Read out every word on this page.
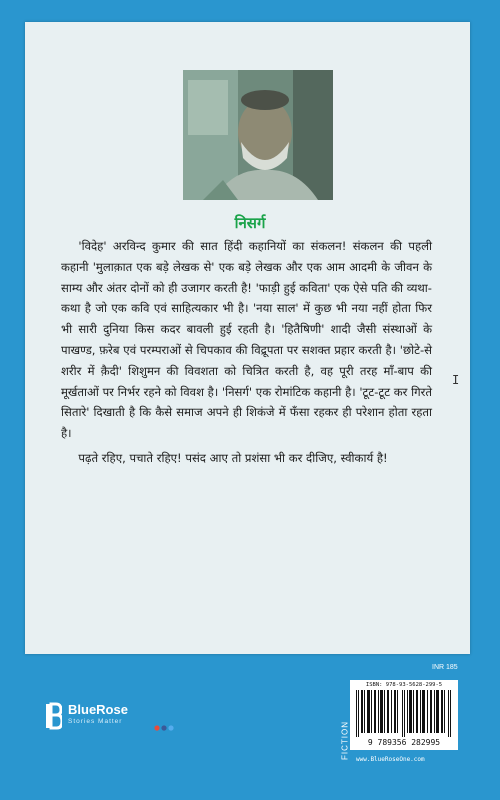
निसर्ग

'विदेह' अरविन्द कुमार की सात हिंदी कहानियों का संकलन! संकलन की पहली कहानी 'मुलाक़ात एक बड़े लेखक से' एक बड़े लेखक और एक आम आदमी के जीवन के साम्य और अंतर दोनों को ही उजागर करती है! 'फाड़ी हुई कविता' एक ऐसे पति की व्यथा-कथा है जो एक कवि एवं साहित्यकार भी है। 'नया साल' में कुछ भी नया नहीं होता फिर भी सारी दुनिया किस कदर बावली हुई रहती है। 'हितैषिणी' शादी जैसी संस्थाओं के पाखण्ड, फ़रेब एवं परम्पराओं से चिपकाव की विद्रूपता पर सशक्त प्रहार करती है। 'छोटे-से शरीर में क़ैदी' शिशुमन की विवशता को चित्रित करती है, वह पूरी तरह माँ-बाप की मूर्खताओं पर निर्भर रहने को विवश है। 'निसर्ग' एक रोमांटिक कहानी है। 'टूट-टूट कर गिरते सितारे' दिखाती है कि कैसे समाज अपने ही शिकंजे में फँसा रहकर ही परेशान होता रहता है।

पढ़ते रहिए, पचाते रहिए! पसंद आए तो प्रशंसा भी कर दीजिए, स्वीकार्य है!

I
BlueRose
Stories Matter
INR 185
FICTION
ISBN: 978-93-5628-299-5
9 789356 282995
www.BlueRoseOne.com
